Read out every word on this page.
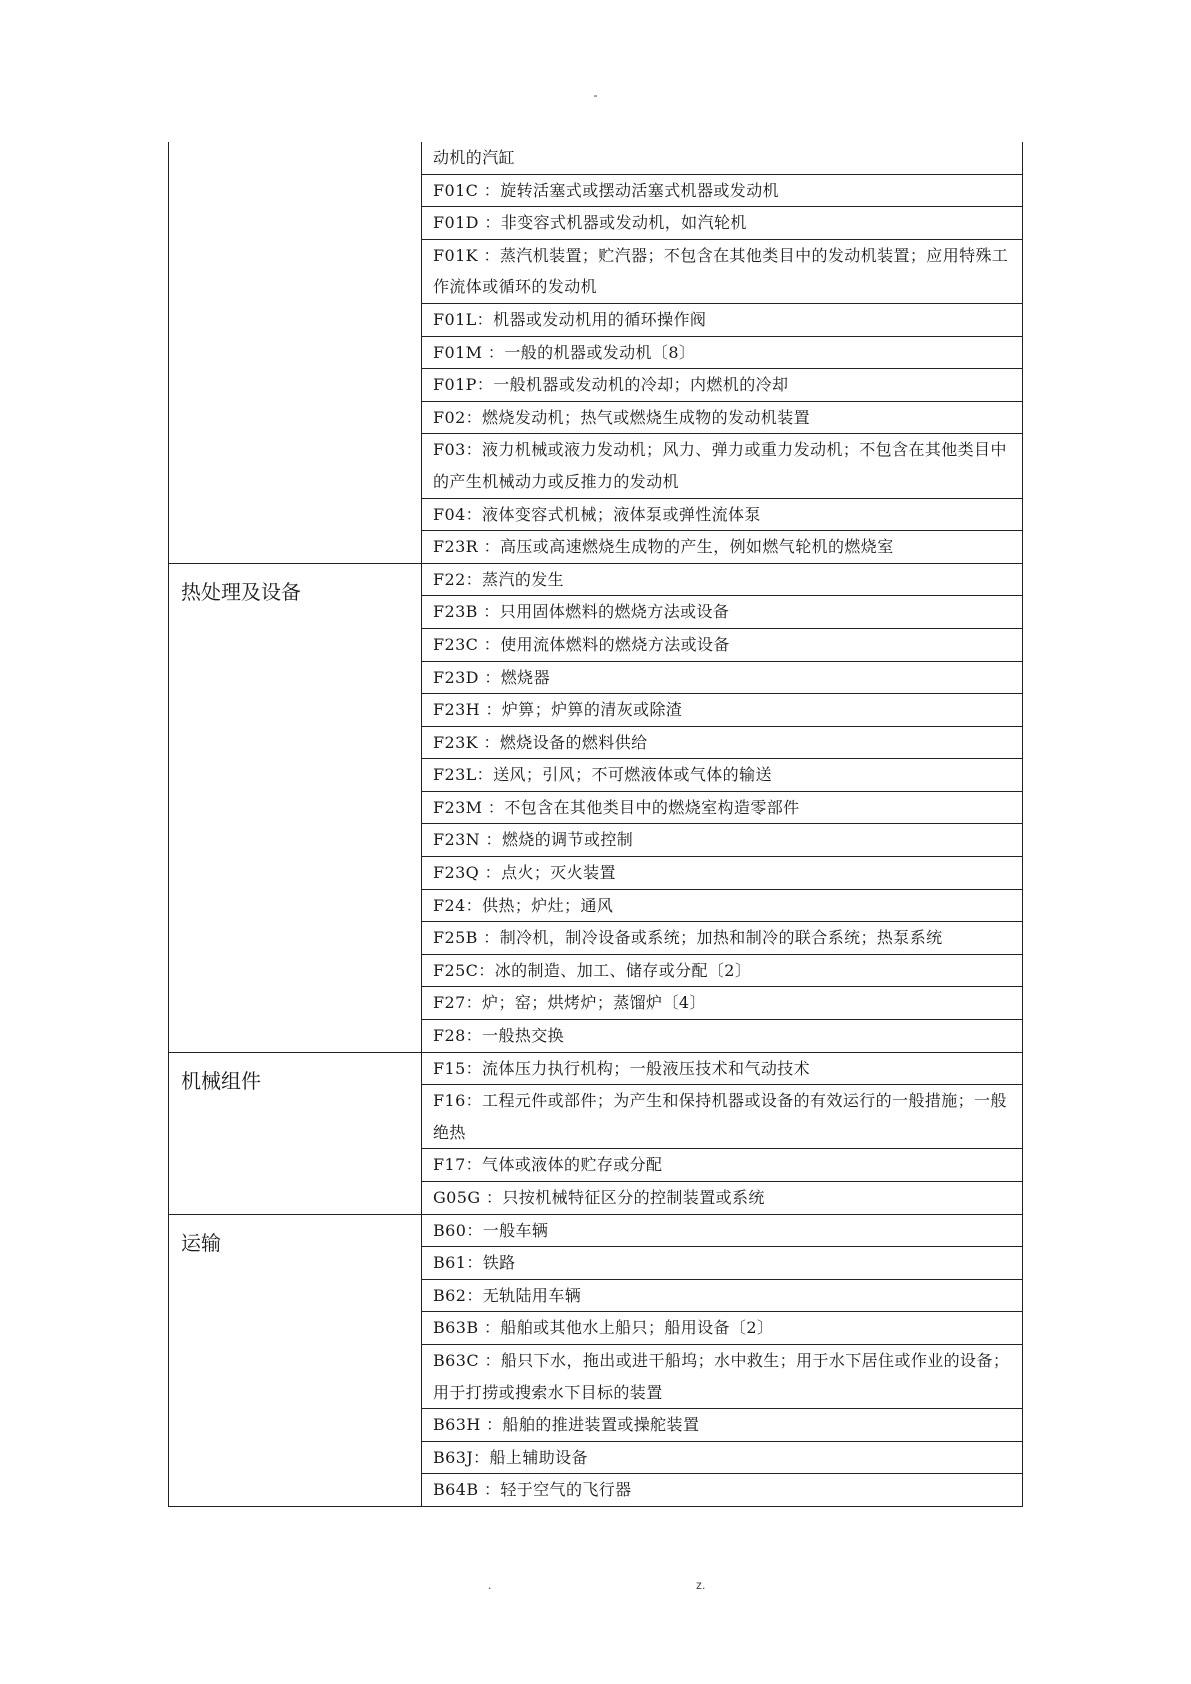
-
	动机的汽缸
	F01C ：旋转活塞式或摆动活塞式机器或发动机
	F01D ：非变容式机器或发动机，如汽轮机
	F01K ：蒸汽机装置；贮汽器；不包含在其他类目中的发动机装置；应用特殊工作流体或循环的发动机
	F01L：机器或发动机用的循环操作阀
	F01M ：一般的机器或发动机〔8〕
	F01P：一般机器或发动机的冷却；内燃机的冷却
	F02：燃烧发动机；热气或燃烧生成物的发动机装置
	F03：液力机械或液力发动机；风力、弹力或重力发动机；不包含在其他类目中的产生机械动力或反推力的发动机
	F04：液体变容式机械；液体泵或弹性流体泵
	F23R ：高压或高速燃烧生成物的产生，例如燃气轮机的燃烧室
热处理及设备	F22：蒸汽的发生
	F23B ：只用固体燃料的燃烧方法或设备
	F23C ：使用流体燃料的燃烧方法或设备
	F23D ：燃烧器
	F23H ：炉箅；炉箅的清灰或除渣
	F23K ：燃烧设备的燃料供给
	F23L：送风；引风；不可燃液体或气体的输送
	F23M ：不包含在其他类目中的燃烧室构造零部件
	F23N ：燃烧的调节或控制
	F23Q ：点火；灭火装置
	F24：供热；炉灶；通风
	F25B ：制冷机，制冷设备或系统；加热和制冷的联合系统；热泵系统
	F25C：冰的制造、加工、储存或分配〔2〕
	F27：炉；窑；烘烤炉；蒸馏炉〔4〕
	F28：一般热交换
机械组件	F15：流体压力执行机构；一般液压技术和气动技术
	F16：工程元件或部件；为产生和保持机器或设备的有效运行的一般措施；一般绝热
	F17：气体或液体的贮存或分配
	G05G ：只按机械特征区分的控制装置或系统
运输	B60：一般车辆
	B61：铁路
	B62：无轨陆用车辆
	B63B ：船舶或其他水上船只；船用设备〔2〕
	B63C ：船只下水，拖出或进干船坞；水中救生；用于水下居住或作业的设备；用于打捞或搜索水下目标的装置
	B63H ：船舶的推进装置或操舵装置
	B63J：船上辅助设备
	B64B ：轻于空气的飞行器
.	z.
